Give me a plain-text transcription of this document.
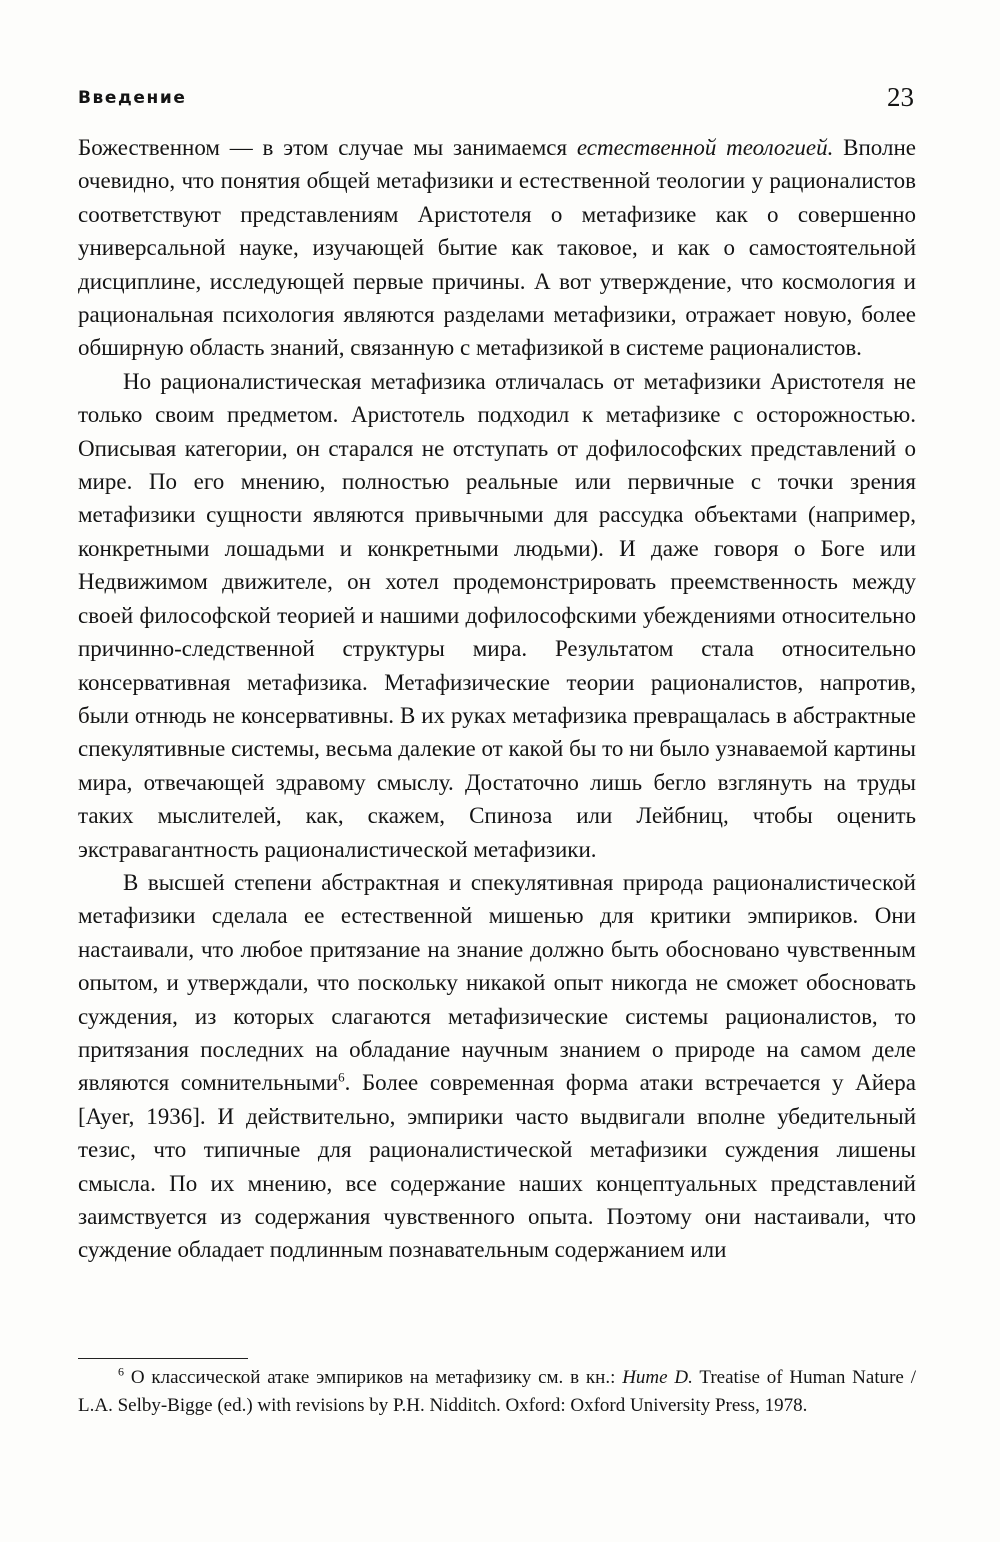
Введение	23

Божественном — в этом случае мы занимаемся естественной теологией. Вполне очевидно, что понятия общей метафизики и естественной теологии у рационалистов соответствуют представлениям Аристотеля о метафизике как о совершенно универсальной науке, изучающей бытие как таковое, и как о самостоятельной дисциплине, исследующей первые причины. А вот утверждение, что космология и рациональная психология являются разделами метафизики, отражает новую, более обширную область знаний, связанную с метафизикой в системе рационалистов.

Но рационалистическая метафизика отличалась от метафизики Аристотеля не только своим предметом. Аристотель подходил к метафизике с осторожностью. Описывая категории, он старался не отступать от дофилософских представлений о мире. По его мнению, полностью реальные или первичные с точки зрения метафизики сущности являются привычными для рассудка объектами (например, конкретными лошадьми и конкретными людьми). И даже говоря о Боге или Недвижимом движителе, он хотел продемонстрировать преемственность между своей философской теорией и нашими дофилософскими убеждениями относительно причинно-следственной структуры мира. Результатом стала относительно консервативная метафизика. Метафизические теории рационалистов, напротив, были отнюдь не консервативны. В их руках метафизика превращалась в абстрактные спекулятивные системы, весьма далекие от какой бы то ни было узнаваемой картины мира, отвечающей здравому смыслу. Достаточно лишь бегло взглянуть на труды таких мыслителей, как, скажем, Спиноза или Лейбниц, чтобы оценить экстравагантность рационалистической метафизики.

В высшей степени абстрактная и спекулятивная природа рационалистической метафизики сделала ее естественной мишенью для критики эмпириков. Они настаивали, что любое притязание на знание должно быть обосновано чувственным опытом, и утверждали, что поскольку никакой опыт никогда не сможет обосновать суждения, из которых слагаются метафизические системы рационалистов, то притязания последних на обладание научным знанием о природе на самом деле являются сомнительными$^6$. Более современная форма атаки встречается у Айера [Ayer, 1936]. И действительно, эмпирики часто выдвигали вполне убедительный тезис, что типичные для рационалистической метафизики суждения лишены смысла. По их мнению, все содержание наших концептуальных представлений заимствуется из содержания чувственного опыта. Поэтому они настаивали, что суждение обладает подлинным познавательным содержанием или

$^6$ О классической атаке эмпириков на метафизику см. в кн.: Hume D. Treatise of Human Nature / L.A. Selby-Bigge (ed.) with revisions by P.H. Nidditch. Oxford: Oxford University Press, 1978.
